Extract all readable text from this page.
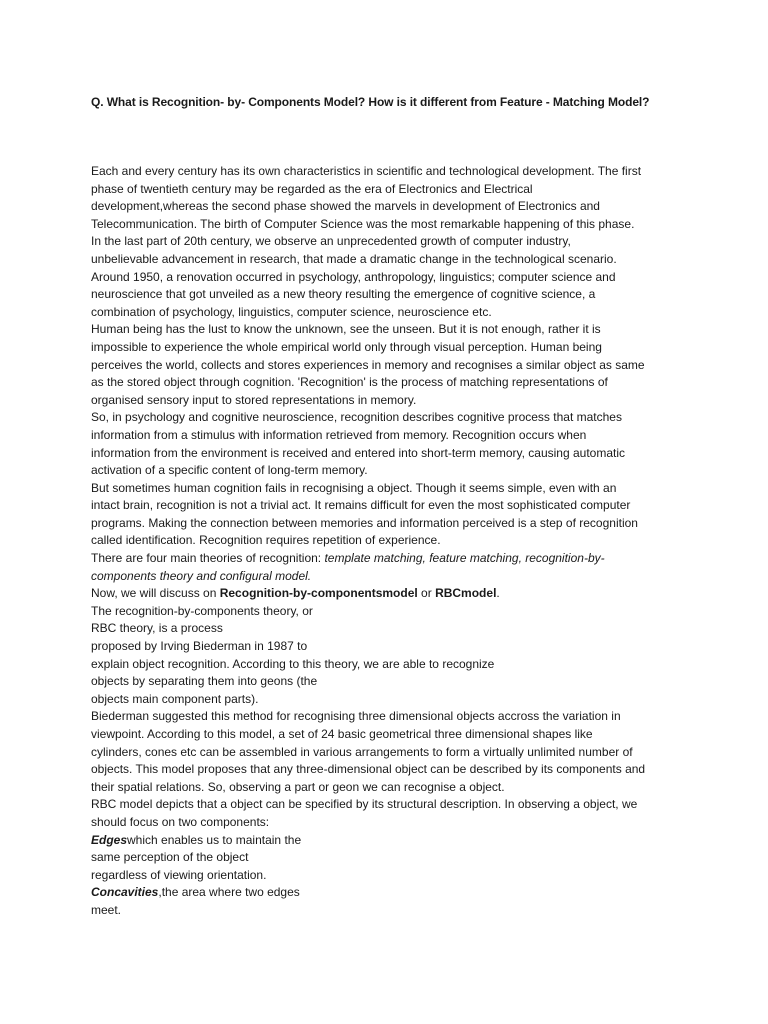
Q. What is Recognition- by- Components Model? How is it different from Feature - Matching Model?

Each and every century has its own characteristics in scientific and technological development. The first

phase of twentieth century may be regarded as the era of Electronics and Electrical

development,whereas the second phase showed the marvels in development of Electronics and

Telecommunication. The birth of Computer Science was the most remarkable happening of this phase.

In the last part of 20th century, we observe an unprecedented growth of computer industry,

unbelievable advancement in research, that made a dramatic change in the technological scenario.

Around 1950, a renovation occurred in psychology, anthropology, linguistics; computer science and

neuroscience that got unveiled as a new theory resulting the emergence of cognitive science, a

combination of psychology, linguistics, computer science, neuroscience etc.

Human being has the lust to know the unknown, see the unseen. But it is not enough, rather it is

impossible to experience the whole empirical world only through visual perception. Human being

perceives the world, collects and stores experiences in memory and recognises a similar object as same

as the stored object through cognition. 'Recognition' is the process of matching representations of

organised sensory input to stored representations in memory.

So, in psychology and cognitive neuroscience, recognition describes cognitive process that matches

information from a stimulus with information retrieved from memory. Recognition occurs when

information from the environment is received and entered into short-term memory, causing automatic

activation of a specific content of long-term memory.

But sometimes human cognition fails in recognising a object. Though it seems simple, even with an

intact brain, recognition is not a trivial act. It remains difficult for even the most sophisticated computer

programs. Making the connection between memories and information perceived is a step of recognition

called identification. Recognition requires repetition of experience.

There are four main theories of recognition: template matching, feature matching, recognition-by-

components theory and configural model.

Now, we will discuss on Recognition-by-componentsmodel or RBCmodel.

The recognition-by-components theory, or

RBC theory, is a process

proposed by Irving Biederman in 1987 to

explain object recognition. According to this theory, we are able to recognize

objects by separating them into geons (the

objects main component parts).

Biederman suggested this method for recognising three dimensional objects accross the variation in

viewpoint. According to this model, a set of 24 basic geometrical three dimensional shapes like

cylinders, cones etc can be assembled in various arrangements to form a virtually unlimited number of

objects. This model proposes that any three-dimensional object can be described by its components and

their spatial relations. So, observing a part or geon we can recognise a object.

RBC model depicts that a object can be specified by its structural description. In observing a object, we

should focus on two components:

Edgeswhich enables us to maintain the

same perception of the object

regardless of viewing orientation.

Concavities,the area where two edges

meet.
